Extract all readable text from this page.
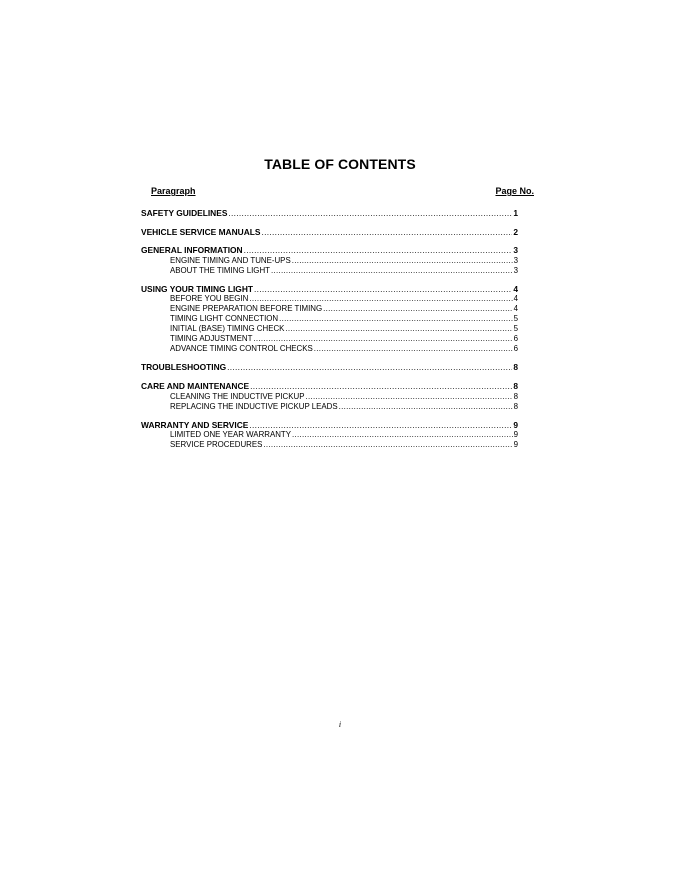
TABLE OF CONTENTS
Paragraph	Page No.
SAFETY GUIDELINES .....	1
VEHICLE SERVICE MANUALS .....	2
GENERAL INFORMATION .....	3
ENGINE TIMING AND TUNE-UPS .....	3
ABOUT THE TIMING LIGHT .....	3
USING YOUR TIMING LIGHT .....	4
BEFORE YOU BEGIN .....	4
ENGINE PREPARATION BEFORE TIMING .....	4
TIMING LIGHT CONNECTION .....	5
INITIAL (BASE) TIMING CHECK .....	5
TIMING ADJUSTMENT .....	6
ADVANCE TIMING CONTROL CHECKS .....	6
TROUBLESHOOTING .....	8
CARE AND MAINTENANCE .....	8
CLEANING THE INDUCTIVE PICKUP .....	8
REPLACING THE INDUCTIVE PICKUP LEADS .....	8
WARRANTY AND SERVICE .....	9
LIMITED ONE YEAR WARRANTY .....	9
SERVICE PROCEDURES .....	9
i
